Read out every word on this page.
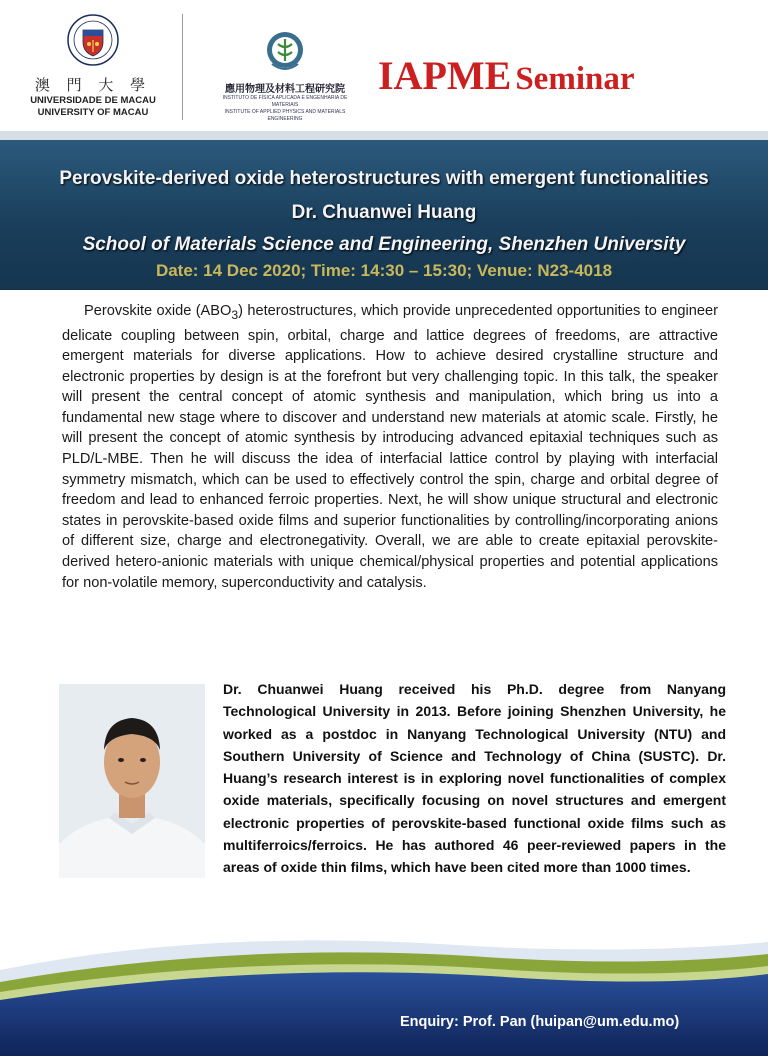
澳 門 大 學
UNIVERSIDADE DE MACAU
UNIVERSITY OF MACAU
應用物理及材料工程研究院
INSTITUTO DE FÍSICA APLICADA E ENGENHARIA DE MATERIAIS
INSTITUTE OF APPLIED PHYSICS AND MATERIALS ENGINEERING
IAPME Seminar
Perovskite-derived oxide heterostructures with emergent functionalities
Dr. Chuanwei Huang
School of Materials Science and Engineering, Shenzhen University
Date: 14 Dec 2020; Time: 14:30 – 15:30; Venue: N23-4018
Perovskite oxide $(ABO_3)$ heterostructures, which provide unprecedented opportunities to engineer delicate coupling between spin, orbital, charge and lattice degrees of freedoms, are attractive emergent materials for diverse applications. How to achieve desired crystalline structure and electronic properties by design is at the forefront but very challenging topic. In this talk, the speaker will present the central concept of atomic synthesis and manipulation, which bring us into a fundamental new stage where to discover and understand new materials at atomic scale. Firstly, he will present the concept of atomic synthesis by introducing advanced epitaxial techniques such as PLD/L-MBE. Then he will discuss the idea of interfacial lattice control by playing with interfacial symmetry mismatch, which can be used to effectively control the spin, charge and orbital degree of freedom and lead to enhanced ferroic properties. Next, he will show unique structural and electronic states in perovskite-based oxide films and superior functionalities by controlling/incorporating anions of different size, charge and electronegativity. Overall, we are able to create epitaxial perovskite-derived hetero-anionic materials with unique chemical/physical properties and potential applications for non-volatile memory, superconductivity and catalysis.
Dr. Chuanwei Huang received his Ph.D. degree from Nanyang Technological University in 2013. Before joining Shenzhen University, he worked as a postdoc in Nanyang Technological University (NTU) and Southern University of Science and Technology of China (SUSTC). Dr. Huang’s research interest is in exploring novel functionalities of complex oxide materials, specifically focusing on novel structures and emergent electronic properties of perovskite-based functional oxide films such as multiferroics/ferroics. He has authored 46 peer-reviewed papers in the areas of oxide thin films, which have been cited more than 1000 times.
Enquiry: Prof. Pan (huipan@um.edu.mo)
